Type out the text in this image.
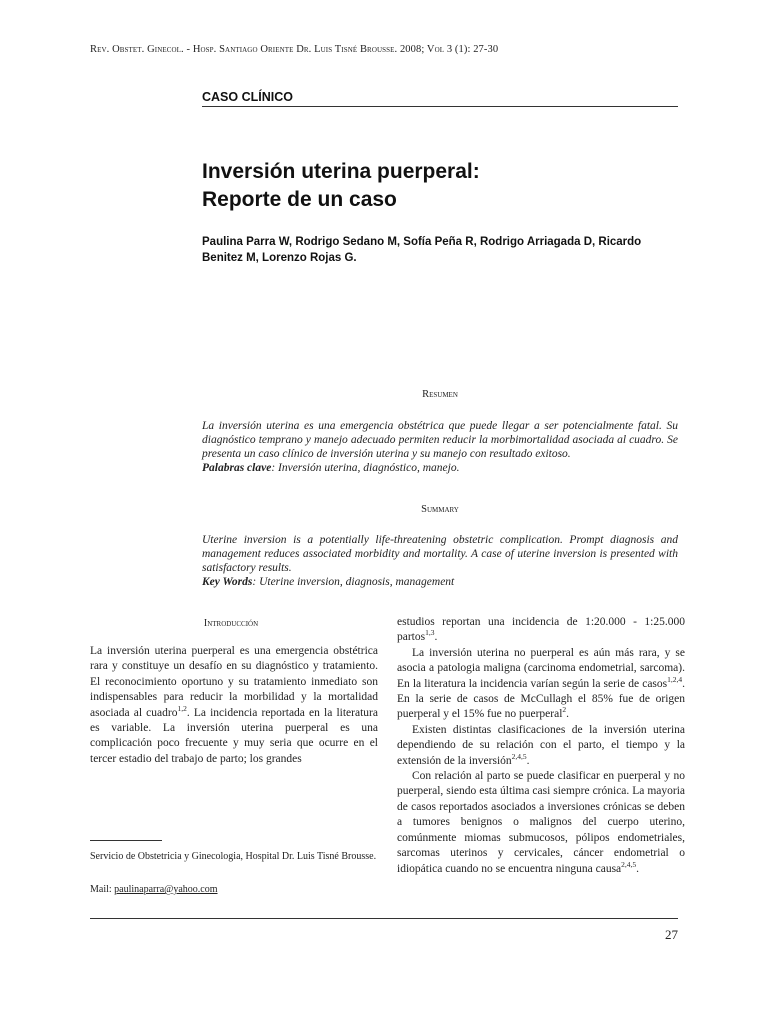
Rev. Obstet. Ginecol. - Hosp. Santiago Oriente Dr. Luis Tisné Brousse. 2008; Vol 3 (1): 27-30
CASO CLÍNICO
Inversión uterina puerperal:
Reporte de un caso
Paulina Parra W, Rodrigo Sedano M, Sofía Peña R, Rodrigo Arriagada D, Ricardo Benitez M, Lorenzo Rojas G.
Resumen
La inversión uterina es una emergencia obstétrica que puede llegar a ser potencialmente fatal. Su diagnóstico temprano y manejo adecuado permiten reducir la morbimortalidad asociada al cuadro. Se presenta un caso clínico de inversión uterina y su manejo con resultado exitoso.
Palabras clave: Inversión uterina, diagnóstico, manejo.
Summary
Uterine inversion is a potentially life-threatening obstetric complication. Prompt diagnosis and management reduces associated morbidity and mortality. A case of uterine inversion is presented with satisfactory results.
Key Words: Uterine inversion, diagnosis, management
Introducción

La inversión uterina puerperal es una emergencia obstétrica rara y constituye un desafío en su diagnóstico y tratamiento. El reconocimiento oportuno y su tratamiento inmediato son indispensables para reducir la morbilidad y la mortalidad asociada al cuadro$^{1,2}$. La incidencia reportada en la literatura es variable. La inversión uterina puerperal es una complicación poco frecuente y muy seria que ocurre en el tercer estadio del trabajo de parto; los grandes

estudios reportan una incidencia de 1:20.000 - 1:25.000 partos$^{1,3}$.

La inversión uterina no puerperal es aún más rara, y se asocia a patologia maligna (carcinoma endometrial, sarcoma). En la literatura la incidencia varían según la serie de casos$^{1,2,4}$. En la serie de casos de McCullagh el 85% fue de origen puerperal y el 15% fue no puerperal$^2$.

Existen distintas clasificaciones de la inversión uterina dependiendo de su relación con el parto, el tiempo y la extensión de la inversión$^{2,4,5}$.

Con relación al parto se puede clasificar en puerperal y no puerperal, siendo esta última casi siempre crónica. La mayoria de casos reportados asociados a inversiones crónicas se deben a tumores benignos o malignos del cuerpo uterino, comúnmente miomas submucosos, pólipos endometriales, sarcomas uterinos y cervicales, cáncer endometrial o idiopática cuando no se encuentra ninguna causa$^{2,4,5}$.

Servicio de Obstetricia y Ginecologia, Hospital Dr. Luis Tisné Brousse.
Mail: paulinaparra@yahoo.com
27
